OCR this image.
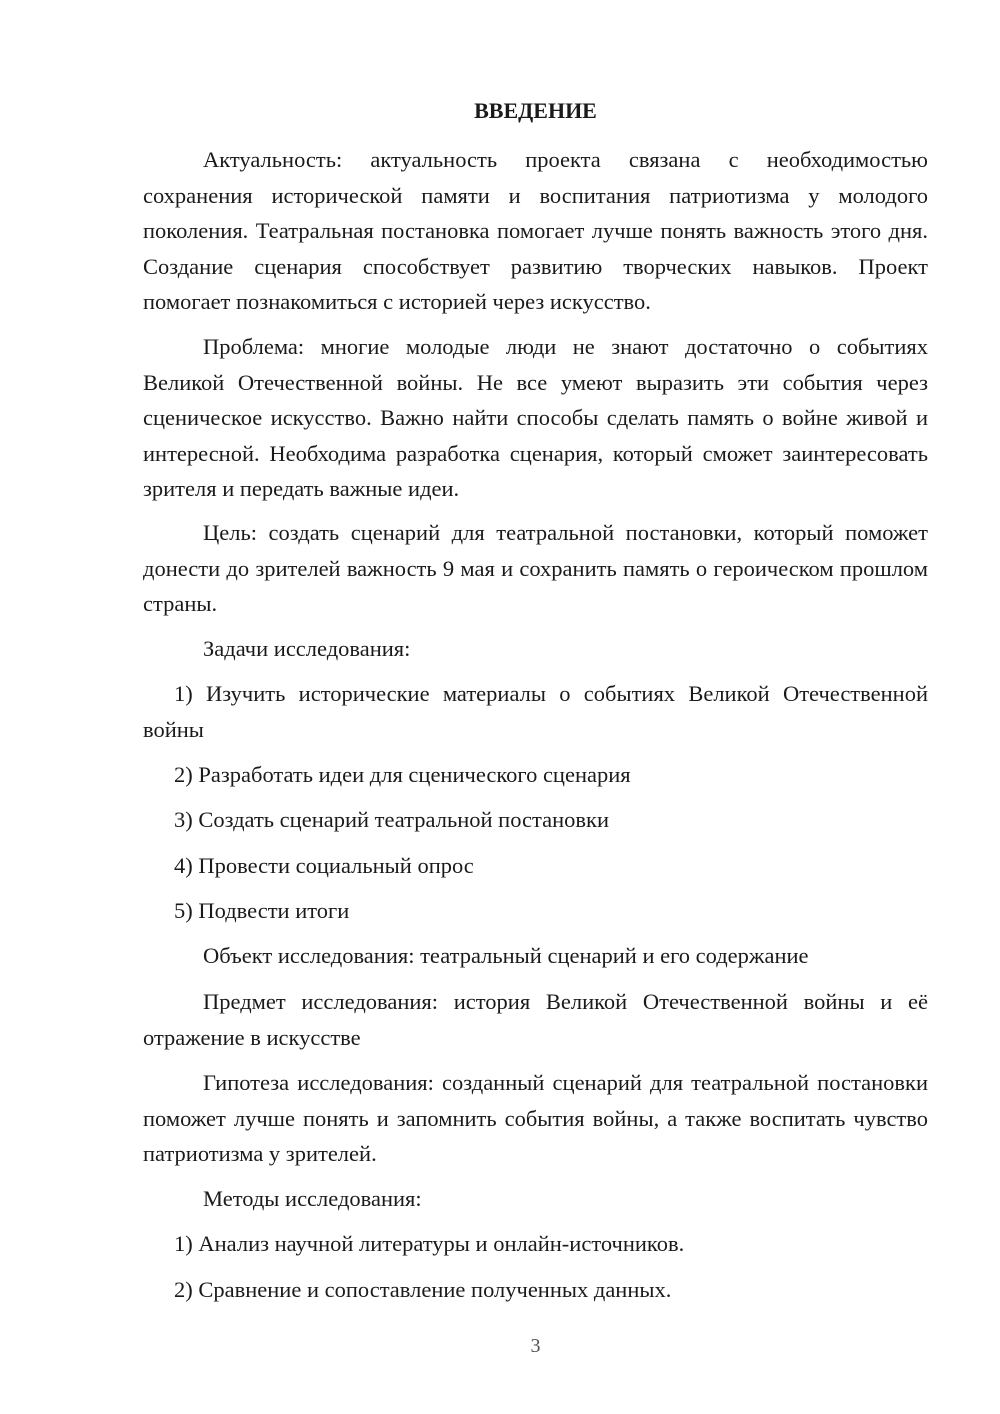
ВВЕДЕНИЕ

Актуальность: актуальность проекта связана с необходимостью сохранения исторической памяти и воспитания патриотизма у молодого поколения. Театральная постановка помогает лучше понять важность этого дня. Создание сценария способствует развитию творческих навыков. Проект помогает познакомиться с историей через искусство.

Проблема: многие молодые люди не знают достаточно о событиях Великой Отечественной войны. Не все умеют выразить эти события через сценическое искусство. Важно найти способы сделать память о войне живой и интересной. Необходима разработка сценария, который сможет заинтересовать зрителя и передать важные идеи.

Цель: создать сценарий для театральной постановки, который поможет донести до зрителей важность 9 мая и сохранить память о героическом прошлом страны.

Задачи исследования:

1) Изучить исторические материалы о событиях Великой Отечественной войны

2) Разработать идеи для сценического сценария

3) Создать сценарий театральной постановки

4) Провести социальный опрос

5) Подвести итоги

Объект исследования: театральный сценарий и его содержание

Предмет исследования: история Великой Отечественной войны и её отражение в искусстве

Гипотеза исследования: созданный сценарий для театральной постановки поможет лучше понять и запомнить события войны, а также воспитать чувство патриотизма у зрителей.

Методы исследования:

1) Анализ научной литературы и онлайн-источников.

2) Сравнение и сопоставление полученных данных.

3
